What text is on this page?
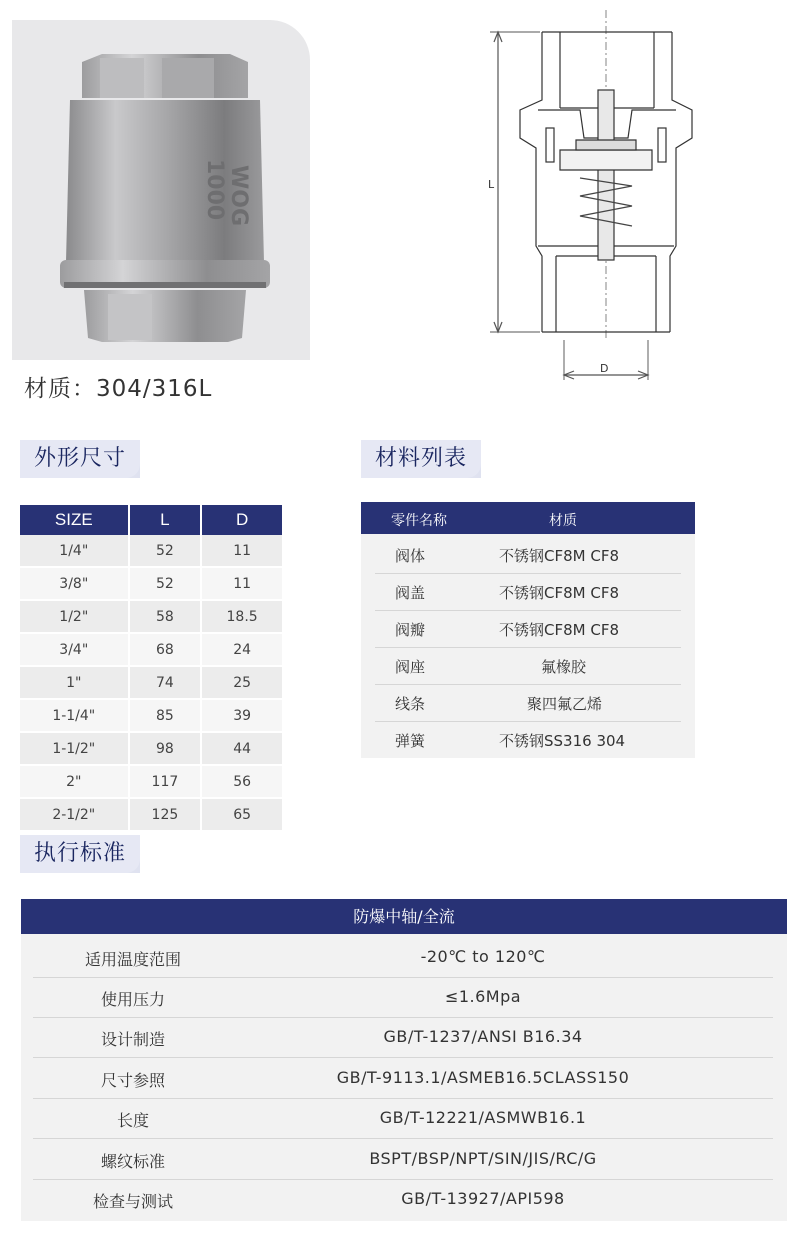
1000 WOG
材质：304/316L
L
D
外形尺寸	材料列表
执行标准
SIZE	L	D
1/4"	52	11
3/8"	52	11
1/2"	58	18.5
3/4"	68	24
1"	74	25
1-1/4"	85	39
1-1/2"	98	44
2"	117	56
2-1/2"	125	65
零件名称	材质
阀体	不锈钢CF8M CF8
阀盖	不锈钢CF8M CF8
阀瓣	不锈钢CF8M CF8
阀座	氟橡胶
线条	聚四氟乙烯
弹簧	不锈钢SS316 304
防爆中轴/全流
适用温度范围	-20℃ to 120℃
使用压力	≤1.6Mpa
设计制造	GB/T-1237/ANSI B16.34
尺寸参照	GB/T-9113.1/ASMEB16.5CLASS150
长度	GB/T-12221/ASMWB16.1
螺纹标准	BSPT/BSP/NPT/SIN/JIS/RC/G
检查与测试	GB/T-13927/API598
